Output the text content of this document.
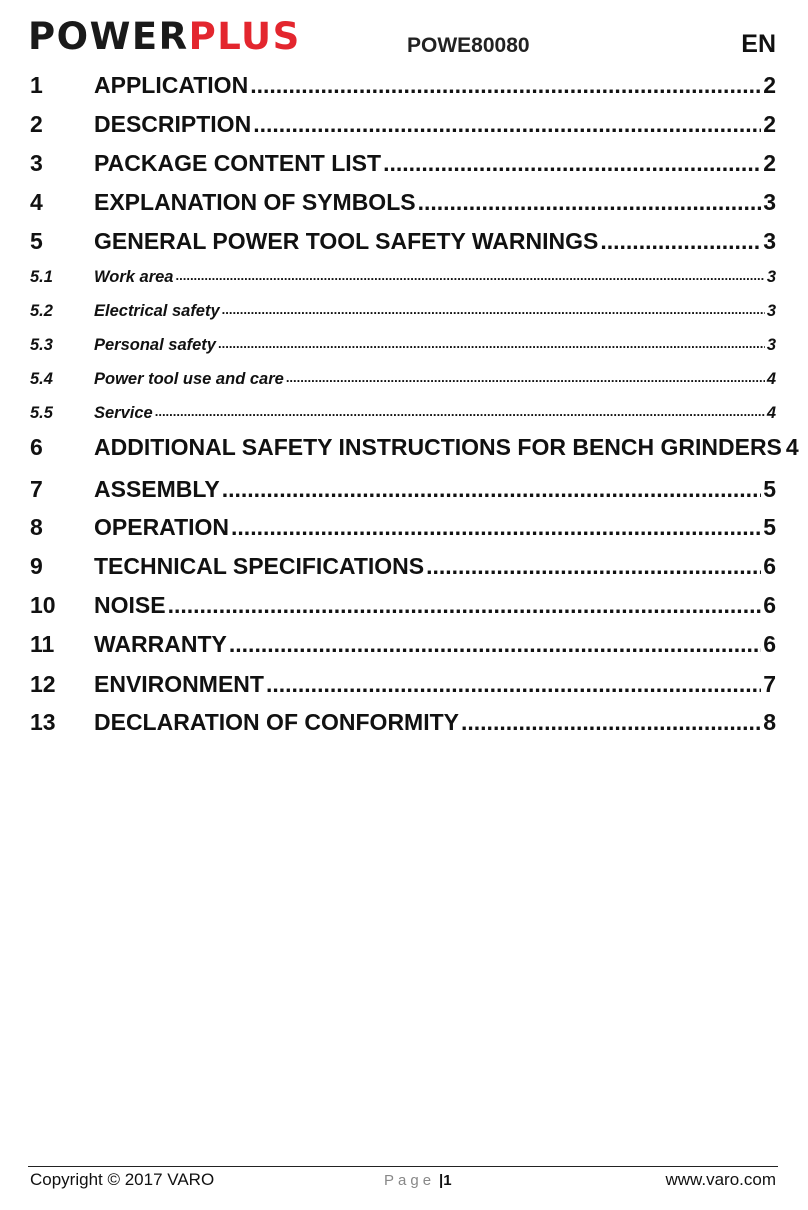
POWERPLUS	POWE80080	EN
1	APPLICATION .....	2
2	DESCRIPTION .....	2
3	PACKAGE CONTENT LIST .....	2
4	EXPLANATION OF SYMBOLS .....	3
5	GENERAL POWER TOOL SAFETY WARNINGS .....	3
5.1	Work area .....	3
5.2	Electrical safety .....	3
5.3	Personal safety .....	3
5.4	Power tool use and care .....	4
5.5	Service .....	4
6	ADDITIONAL SAFETY INSTRUCTIONS FOR BENCH GRINDERS 4
7	ASSEMBLY .....	5
8	OPERATION .....	5
9	TECHNICAL SPECIFICATIONS .....	6
10	NOISE .....	6
11	WARRANTY .....	6
12	ENVIRONMENT .....	7
13	DECLARATION OF CONFORMITY .....	8
Copyright © 2017 VARO	Page |1	www.varo.com
